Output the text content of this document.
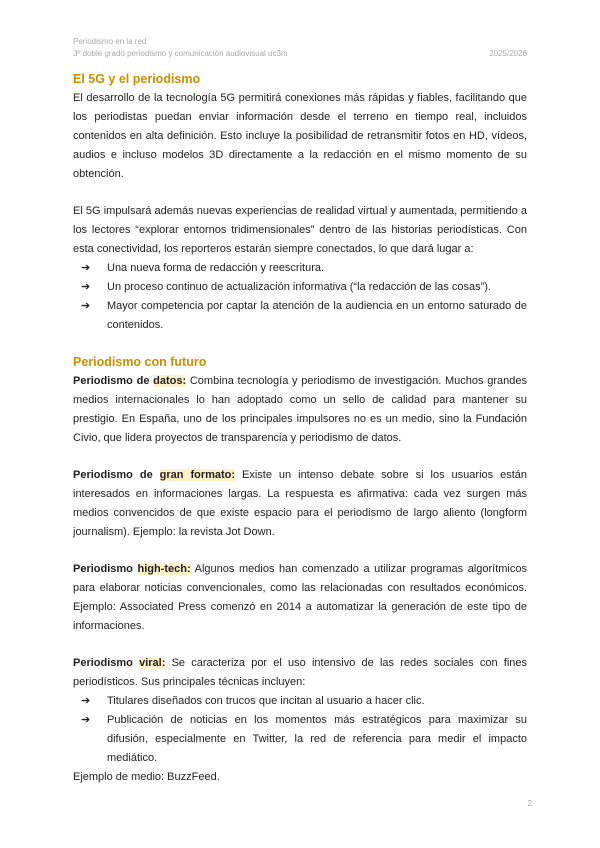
Periodismo en la red
3º doble grado periodismo y comunicación audiovisual uc3m	2025/2026
El 5G y el periodismo

El desarrollo de la tecnología 5G permitirá conexiones más rápidas y fiables, facilitando que los periodistas puedan enviar información desde el terreno en tiempo real, incluidos contenidos en alta definición. Esto incluye la posibilidad de retransmitir fotos en HD, vídeos, audios e incluso modelos 3D directamente a la redacción en el mismo momento de su obtención.

El 5G impulsará además nuevas experiencias de realidad virtual y aumentada, permitiendo a los lectores “explorar entornos tridimensionales” dentro de las historias periodísticas. Con esta conectividad, los reporteros estarán siempre conectados, lo que dará lugar a:

➔	Una nueva forma de redacción y reescritura.
➔	Un proceso continuo de actualización informativa (“la redacción de las cosas”).
➔	Mayor competencia por captar la atención de la audiencia en un entorno saturado de contenidos.
Periodismo con futuro

Periodismo de datos: Combina tecnología y periodismo de investigación. Muchos grandes medios internacionales lo han adoptado como un sello de calidad para mantener su prestigio. En España, uno de los principales impulsores no es un medio, sino la Fundación Civio, que lidera proyectos de transparencia y periodismo de datos.

Periodismo de gran formato: Existe un intenso debate sobre si los usuarios están interesados en informaciones largas. La respuesta es afirmativa: cada vez surgen más medios convencidos de que existe espacio para el periodismo de largo aliento (longform journalism). Ejemplo: la revista Jot Down.

Periodismo high-tech: Algunos medios han comenzado a utilizar programas algorítmicos para elaborar noticias convencionales, como las relacionadas con resultados económicos. Ejemplo: Associated Press comenzó en 2014 a automatizar la generación de este tipo de informaciones.

Periodismo viral: Se caracteriza por el uso intensivo de las redes sociales con fines periodísticos. Sus principales técnicas incluyen:

➔	Titulares diseñados con trucos que incitan al usuario a hacer clic.
➔	Publicación de noticias en los momentos más estratégicos para maximizar su difusión, especialmente en Twitter, la red de referencia para medir el impacto mediático.

Ejemplo de medio: BuzzFeed.

2
